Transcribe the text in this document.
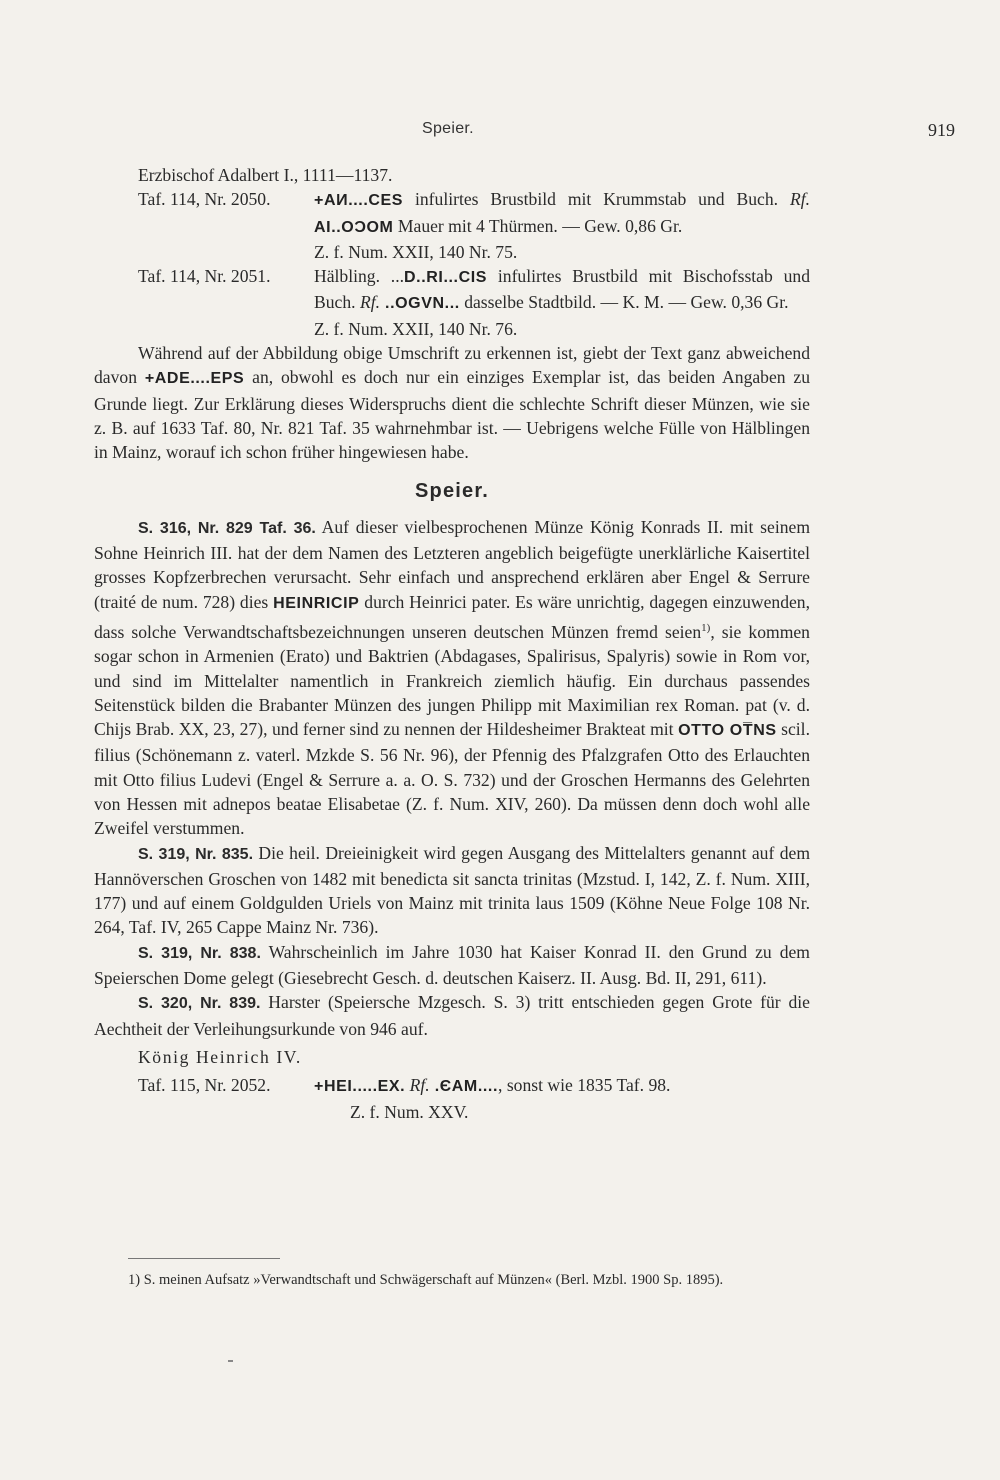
Speier.	919

Erzbischof Adalbert I., 1111—1137.

Taf. 114, Nr. 2050.	+AИ....CES infulirtes Brustbild mit Krummstab und Buch. Rf. AI..OƆOM Mauer mit 4 Thürmen. — Gew. 0,86 Gr.

Z. f. Num. XXII, 140 Nr. 75.

Taf. 114, Nr. 2051.	Hälbling. ...D..RI...CIS infulirtes Brustbild mit Bischofsstab und Buch. Rf. ..OGVN... dasselbe Stadtbild. — K. M. — Gew. 0,36 Gr.

Z. f. Num. XXII, 140 Nr. 76.

Während auf der Abbildung obige Umschrift zu erkennen ist, giebt der Text ganz abweichend davon +ADE....EPS an, obwohl es doch nur ein einziges Exemplar ist, das beiden Angaben zu Grunde liegt. Zur Erklärung dieses Widerspruchs dient die schlechte Schrift dieser Münzen, wie sie z. B. auf 1633 Taf. 80, Nr. 821 Taf. 35 wahrnehmbar ist. — Uebrigens welche Fülle von Hälblingen in Mainz, worauf ich schon früher hingewiesen habe.

Speier.

S. 316, Nr. 829 Taf. 36. Auf dieser vielbesprochenen Münze König Konrads II. mit seinem Sohne Heinrich III. hat der dem Namen des Letzteren angeblich beigefügte unerklärliche Kaisertitel grosses Kopfzerbrechen verursacht. Sehr einfach und ansprechend erklären aber Engel & Serrure (traité de num. 728) dies HEINRICIP durch Heinrici pater. Es wäre unrichtig, dagegen einzuwenden, dass solche Verwandtschaftsbezeichnungen unseren deutschen Münzen fremd seien$^{1)}$, sie kommen sogar schon in Armenien (Erato) und Baktrien (Abdagases, Spalirisus, Spalyris) sowie in Rom vor, und sind im Mittelalter namentlich in Frankreich ziemlich häufig. Ein durchaus passendes Seitenstück bilden die Brabanter Münzen des jungen Philipp mit Maximilian rex Roman. pat (v. d. Chijs Brab. XX, 23, 27), und ferner sind zu nennen der Hildesheimer Brakteat mit OTTO OT̅NS scil. filius (Schönemann z. vaterl. Mzkde S. 56 Nr. 96), der Pfennig des Pfalzgrafen Otto des Erlauchten mit Otto filius Ludevi (Engel & Serrure a. a. O. S. 732) und der Groschen Hermanns des Gelehrten von Hessen mit adnepos beatae Elisabetae (Z. f. Num. XIV, 260). Da müssen denn doch wohl alle Zweifel verstummen.

S. 319, Nr. 835. Die heil. Dreieinigkeit wird gegen Ausgang des Mittelalters genannt auf dem Hannöverschen Groschen von 1482 mit benedicta sit sancta trinitas (Mzstud. I, 142, Z. f. Num. XIII, 177) und auf einem Goldgulden Uriels von Mainz mit trinita laus 1509 (Köhne Neue Folge 108 Nr. 264, Taf. IV, 265 Cappe Mainz Nr. 736).

S. 319, Nr. 838. Wahrscheinlich im Jahre 1030 hat Kaiser Konrad II. den Grund zu dem Speierschen Dome gelegt (Giesebrecht Gesch. d. deutschen Kaiserz. II. Ausg. Bd. II, 291, 611).

S. 320, Nr. 839. Harster (Speiersche Mzgesch. S. 3) tritt entschieden gegen Grote für die Aechtheit der Verleihungsurkunde von 946 auf.

König Heinrich IV.

Taf. 115, Nr. 2052.	+HEI.....EX. Rf. .ЄAM...., sonst wie 1835 Taf. 98.

Z. f. Num. XXV.

1) S. meinen Aufsatz »Verwandtschaft und Schwägerschaft auf Münzen« (Berl. Mzbl. 1900 Sp. 1895).
